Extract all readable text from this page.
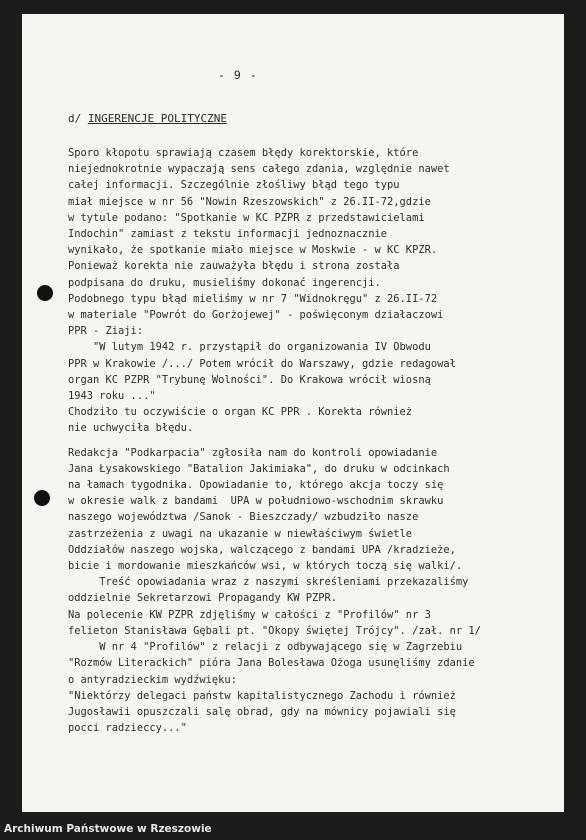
- 9 -
d/ INGERENCJE POLITYCZNE
Sporo kłopotu sprawiają czasem błędy korektorskie, które
niejednokrotnie wypaczają sens całego zdania, względnie nawet
całej informacji. Szczególnie złośliwy błąd tego typu
miał miejsce w nr 56 "Nowin Rzeszowskich" z 26.II-72,gdzie
w tytule podano: "Spotkanie w KC PZPR z przedstawicielami
Indochin" zamiast z tekstu informacji jednoznacznie
wynikało, że spotkanie miało miejsce w Moskwie - w KC KPZR.
Ponieważ korekta nie zauważyła błędu i strona została
podpisana do druku, musieliśmy dokonać ingerencji.
Podobnego typu błąd mieliśmy w nr 7 "Widnokręgu" z 26.II-72
w materiale "Powrót do Gorżojewej" - poświęconym działaczowi
PPR - Ziaji:
"W lutym 1942 r. przystąpił do organizowania IV Obwodu
PPR w Krakowie /.../ Potem wrócił do Warszawy, gdzie redagował
organ KC PZPR "Trybunę Wolności". Do Krakowa wrócił wiosną
1943 roku ..."
Chodziło tu oczywiście o organ KC PPR . Korekta również
nie uchwyciła błędu.
Redakcja "Podkarpacia" zgłosiła nam do kontroli opowiadanie
Jana Łysakowskiego "Batalion Jakimiaka", do druku w odcinkach
na łamach tygodnika. Opowiadanie to, którego akcja toczy się
w okresie walk z bandami  UPA w południowo-wschodnim skrawku
naszego województwa /Sanok - Bieszczady/ wzbudziło nasze
zastrzeżenia z uwagi na ukazanie w niewłaściwym świetle
Oddziałów naszego wojska, walczącego z bandami UPA /kradzieże,
bicie i mordowanie mieszkańców wsi, w których toczą się walki/.
Treść opowiadania wraz z naszymi skreśleniami przekazaliśmy
oddzielnie Sekretarzowi Propagandy KW PZPR.
Na polecenie KW PZPR zdjęliśmy w całości z "Profilów" nr 3
felieton Stanisława Gębali pt. "Okopy świętej Trójcy". /zał. nr 1/
W nr 4 "Profilów" z relacji z odbywającego się w Zagrzebiu
"Rozmów Literackich" pióra Jana Bolesława Ożoga usunęliśmy zdanie
o antyradzieckim wydźwięku:
"Niektórzy delegaci państw kapitalistycznego Zachodu i również
Jugosławii opuszczali salę obrad, gdy na mównicy pojawiali się
pocci radzieccy..."
Archiwum Państwowe w Rzeszowie
